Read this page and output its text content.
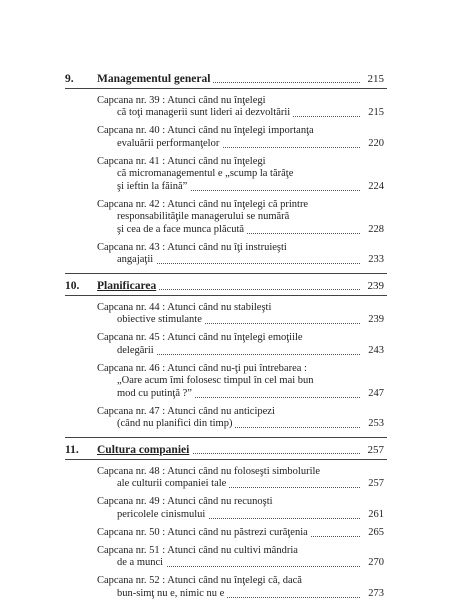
9.	Managementul general	215
Capcana nr. 39 : Atunci când nu înţelegi
că toţi managerii sunt lideri ai dezvoltării	215
Capcana nr. 40 : Atunci când nu înţelegi importanţa
evaluării performanţelor	220
Capcana nr. 41 : Atunci când nu înţelegi
că micromanagementul e „scump la tărâţe
şi ieftin la făină”	224
Capcana nr. 42 : Atunci când nu înţelegi că printre
responsabilităţile managerului se numără
şi cea de a face munca plăcută	228
Capcana nr. 43 : Atunci când nu îţi instruieşti
angajaţii	233
10.	Planificarea	239
Capcana nr. 44 : Atunci când nu stabileşti
obiective stimulante	239
Capcana nr. 45 : Atunci când nu înţelegi emoţiile
delegării	243
Capcana nr. 46 : Atunci când nu-ţi pui întrebarea :
„Oare acum îmi folosesc timpul în cel mai bun
mod cu putinţă ?”	247
Capcana nr. 47 : Atunci când nu anticipezi
(când nu planifici din timp)	253
11.	Cultura companiei	257
Capcana nr. 48 : Atunci când nu foloseşti simbolurile
ale culturii companiei tale	257
Capcana nr. 49 : Atunci când nu recunoşti
pericolele cinismului	261
Capcana nr. 50 : Atunci când nu păstrezi curăţenia	265
Capcana nr. 51 : Atunci când nu cultivi mândria
de a munci	270
Capcana nr. 52 : Atunci când nu înţelegi că, dacă
bun-simţ nu e, nimic nu e	273
